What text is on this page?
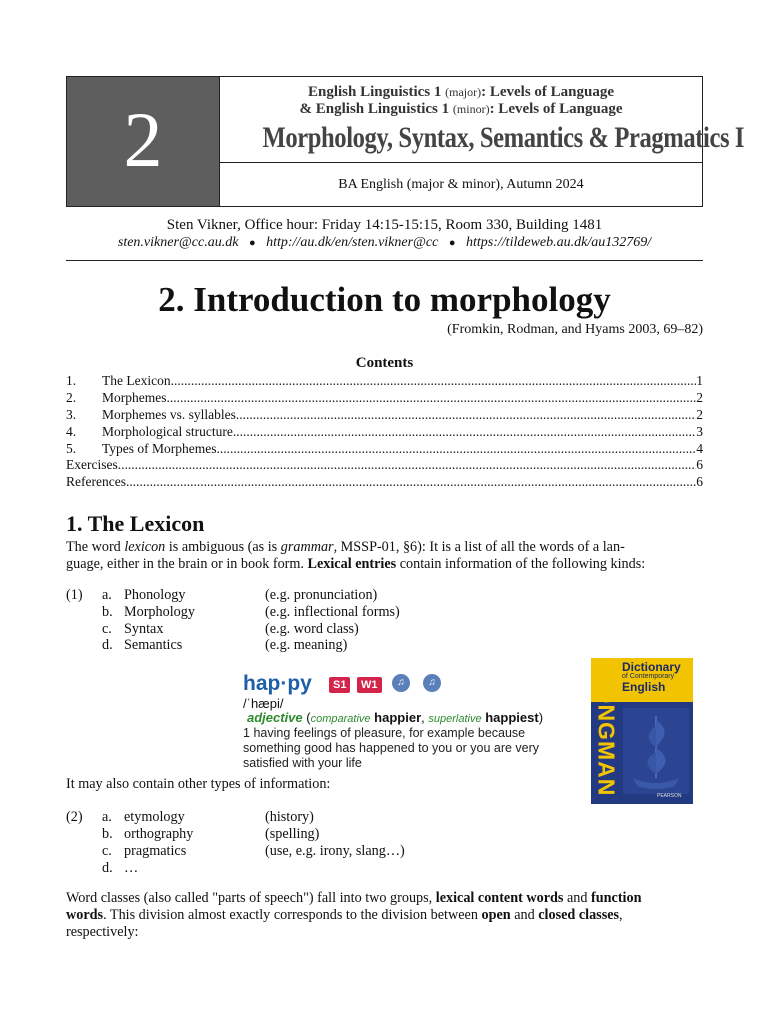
2
English Linguistics 1 (major): Levels of Language
& English Linguistics 1 (minor): Levels of Language
Morphology, Syntax, Semantics & Pragmatics I
BA English (major & minor), Autumn 2024
Sten Vikner, Office hour: Friday 14:15-15:15, Room 330, Building 1481
sten.vikner@cc.au.dk ● http://au.dk/en/sten.vikner@cc ● https://tildeweb.au.dk/au132769/
2. Introduction to morphology
(Fromkin, Rodman, and Hyams 2003, 69–82)
Contents
1.	The Lexicon .....	1
2.	Morphemes .....	2
3.	Morphemes vs. syllables .....	2
4.	Morphological structure .....	3
5.	Types of Morphemes .....	4
Exercises .....	6
References .....	6
1. The Lexicon
The word lexicon is ambiguous (as is grammar, MSSP-01, §6): It is a list of all the words of a lan-
guage, either in the brain or in book form. Lexical entries contain information of the following kinds:
(1) a. Phonology	(e.g. pronunciation)
b. Morphology	(e.g. inflectional forms)
c. Syntax	(e.g. word class)
d. Semantics	(e.g. meaning)
hap·py	S1	W1	♫	♫
/ˈhæpi/
adjective (comparative happier, superlative happiest)
1 having feelings of pleasure, for example because something good has happened to you or you are very satisfied with your life
Dictionary
of Contemporary
English
LONGMAN	PEARSON
It may also contain other types of information:
(2) a. etymology	(history)
b. orthography	(spelling)
c. pragmatics	(use, e.g. irony, slang…)
d. …
Word classes (also called "parts of speech") fall into two groups, lexical content words and function
words. This division almost exactly corresponds to the division between open and closed classes,
respectively:
